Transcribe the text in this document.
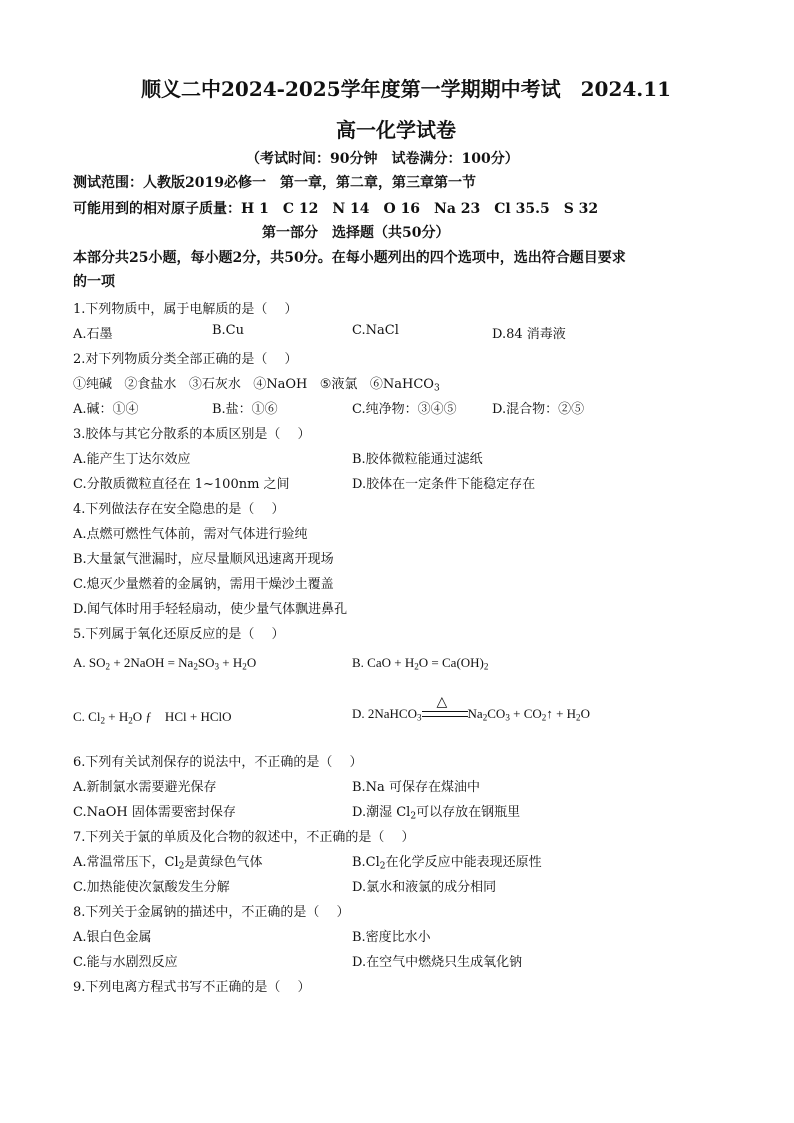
顺义二中2024-2025学年度第一学期期中考试　2024.11
高一化学试卷
（考试时间：90分钟　试卷满分：100分）
测试范围：人教版2019必修一　第一章，第二章，第三章第一节
可能用到的相对原子质量：H 1　C 12　N 14　O 16　Na 23　Cl 35.5　S 32
第一部分　选择题（共50分）
本部分共25小题，每小题2分，共50分。在每小题列出的四个选项中，选出符合题目要求
的一项
1.下列物质中，属于电解质的是（　 ）
A.石墨	B.Cu	C.NaCl	D.84 消毒液
2.对下列物质分类全部正确的是（　 ）
①纯碱 ②食盐水 ③石灰水 ④NaOH ⑤液氯 ⑥NaHCO$_3$
A.碱：①④	B.盐：①⑥	C.纯净物：③④⑤	D.混合物：②⑤
3.胶体与其它分散系的本质区别是（　 ）
A.能产生丁达尔效应	B.胶体微粒能通过滤纸
C.分散质微粒直径在 1~100nm 之间	D.胶体在一定条件下能稳定存在
4.下列做法存在安全隐患的是（　 ）
A.点燃可燃性气体前，需对气体进行验纯
B.大量氯气泄漏时，应尽量顺风迅速离开现场
C.熄灭少量燃着的金属钠，需用干燥沙土覆盖
D.闻气体时用手轻轻扇动，使少量气体飘进鼻孔
5.下列属于氧化还原反应的是（　 ）
A. $SO_2$ + 2NaOH = $Na_2SO_3 + H_2O$	B. CaO + $H_2O = Ca(OH)_2$
C. $Cl_2 + H_2O$ ƒ　HCl + HClO	D. 2NaHCO$_3$
△
$Na_2CO_3$ + $CO_2↑ + H_2O$
6.下列有关试剂保存的说法中，不正确的是（　 ）
A.新制氯水需要避光保存	B.Na 可保存在煤油中
C.NaOH 固体需要密封保存	D.潮湿 $Cl_2$可以存放在钢瓶里
7.下列关于氯的单质及化合物的叙述中，不正确的是（　 ）
A.常温常压下，$Cl_2$是黄绿色气体	$B.Cl_2$在化学反应中能表现还原性
C.加热能使次氯酸发生分解	D.氯水和液氯的成分相同
8.下列关于金属钠的描述中，不正确的是（　 ）
A.银白色金属	B.密度比水小
C.能与水剧烈反应	D.在空气中燃烧只生成氧化钠
9.下列电离方程式书写不正确的是（　 ）
